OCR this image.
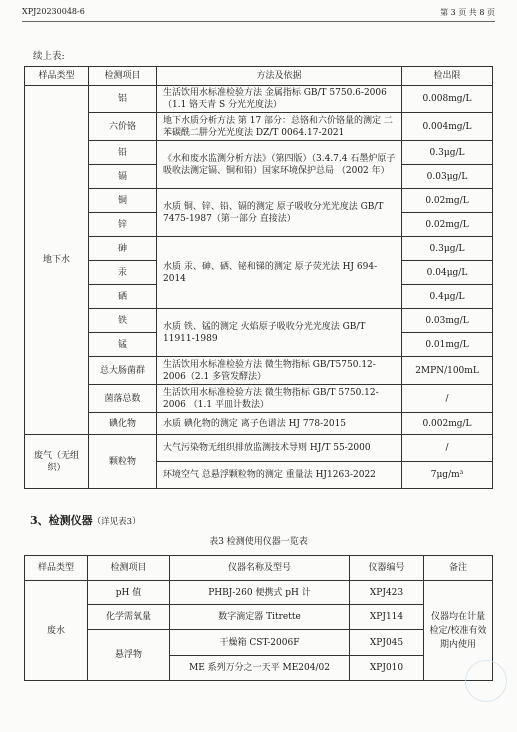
XPJ20230048-6	第 3 页 共 8 页
续上表:
样品类型	检测项目	方法及依据	检出限
地下水	铝	生活饮用水标准检验方法 金属指标 GB/T 5750.6-2006（1.1 铬天青 S 分光光度法）	0.008mg/L
	六价铬	地下水质分析方法 第 17 部分：总铬和六价铬量的测定 二苯碳酰二肼分光光度法 DZ/T 0064.17-2021	0.004mg/L
	铅	《水和废水监测分析方法》（第四版）（3.4.7.4 石墨炉原子吸收法测定镉、铜和铅）国家环境保护总局 （2002 年）	0.3μg/L
	镉		0.03μg/L
	铜	水质 铜、锌、铅、镉的测定 原子吸收分光光度法 GB/T 7475-1987（第一部分 直接法）	0.02mg/L
	锌		0.02mg/L
	砷	水质 汞、砷、硒、铋和锑的测定 原子荧光法 HJ 694-2014	0.3μg/L
	汞		0.04μg/L
	硒		0.4μg/L
	铁	水质 铁、锰的测定 火焰原子吸收分光光度法 GB/T 11911-1989	0.03mg/L
	锰		0.01mg/L
	总大肠菌群	生活饮用水标准检验方法 微生物指标 GB/T5750.12-2006（2.1 多管发酵法）	2MPN/100mL
	菌落总数	生活饮用水标准检验方法 微生物指标 GB/T 5750.12-2006 （1.1 平皿计数法）	/
	碘化物	水质 碘化物的测定 离子色谱法 HJ 778-2015	0.002mg/L
废气（无组织）	颗粒物	大气污染物无组织排放监测技术导则 HJ/T 55-2000	/
		环境空气 总悬浮颗粒物的测定 重量法 HJ1263-2022	7μg/m³
3、检测仪器（详见表3）
表3 检测使用仪器一览表
样品类型	检测项目	仪器名称及型号	仪器编号	备注
废水	pH 值	PHBJ-260 便携式 pH 计	XPJ423	仪器均在计量检定/校准有效期内使用
	化学需氧量	数字滴定器 Titrette	XPJ114	
	悬浮物	干燥箱 CST-2006F	XPJ045	
		ME 系列万分之一天平 ME204/02	XPJ010	
